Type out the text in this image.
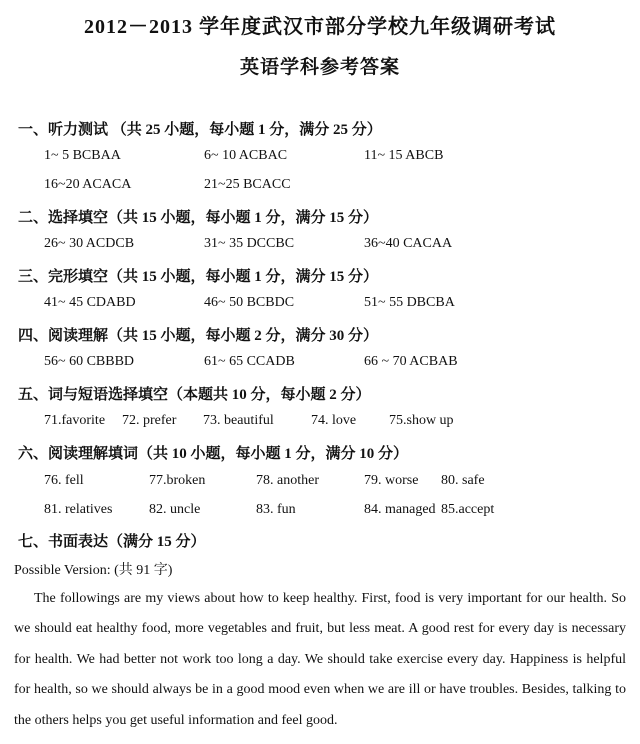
2012－2013 学年度武汉市部分学校九年级调研考试
英语学科参考答案
一、听力测试 （共 25 小题，每小题 1 分，满分 25 分）
1~ 5 BCBAA	6~ 10 ACBAC	11~ 15 ABCB
16~20 ACACA	21~25 BCACC
二、选择填空（共 15 小题，每小题 1 分，满分 15 分）
26~ 30 ACDCB	31~ 35 DCCBC	36~40 CACAA
三、完形填空（共 15 小题，每小题 1 分，满分 15 分）
41~ 45 CDABD	46~ 50 BCBDC	51~ 55 DBCBA
四、阅读理解（共 15 小题，每小题 2 分，满分 30 分）
56~ 60 CBBBD	61~ 65 CCADB	66 ~ 70 ACBAB
五、词与短语选择填空（本题共 10 分，每小题 2 分）
71.favorite 72. prefer 73. beautiful	74. love 75.show up
六、阅读理解填词（共 10 小题，每小题 1 分，满分 10 分）
76. fell	77.broken	78. another	79. worse 80. safe
81. relatives	82. uncle	83. fun	84. managed 85.accept
七、书面表达（满分 15 分）
Possible Version: (共 91 字)
The followings are my views about how to keep healthy. First, food is very important for our health. So we should eat healthy food, more vegetables and fruit, but less meat. A good rest for every day is necessary for health. We had better not work too long a day. We should take exercise every day. Happiness is helpful for health, so we should always be in a good mood even when we are ill or have troubles. Besides, talking to the others helps you get useful information and feel good.
